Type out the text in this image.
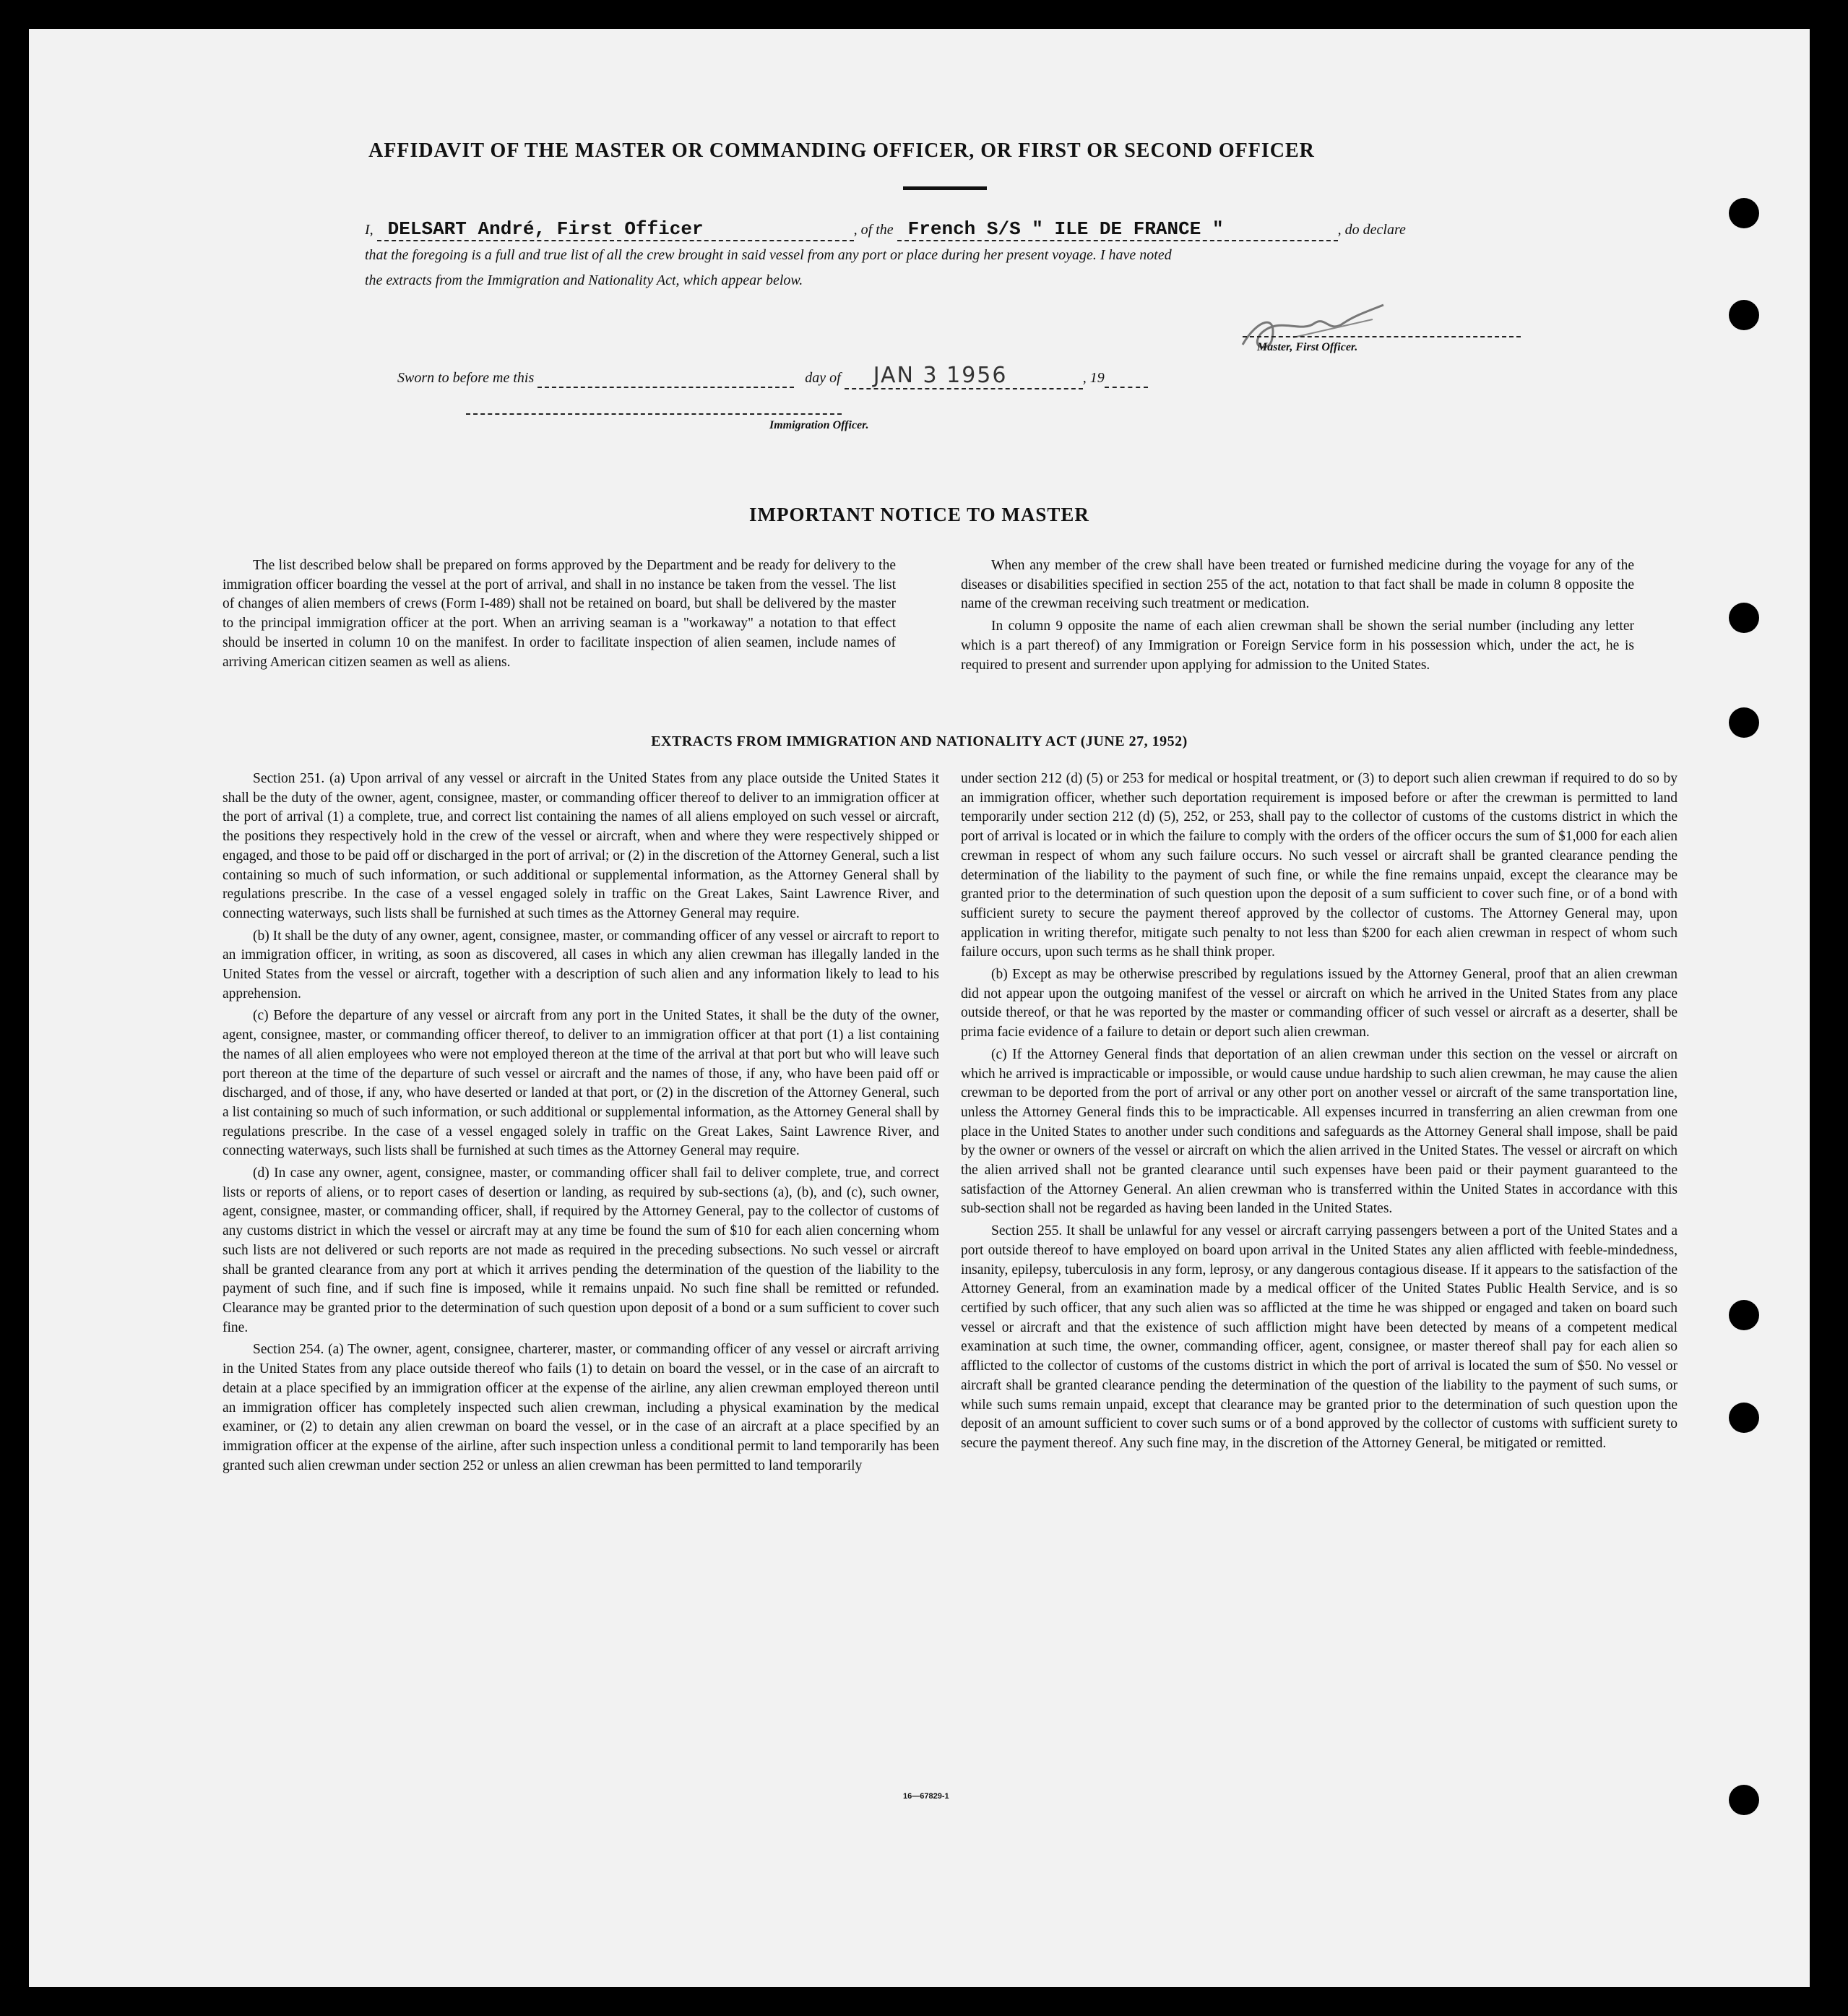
AFFIDAVIT OF THE MASTER OR COMMANDING OFFICER, OR FIRST OR SECOND OFFICER
I, DELSART André, First Officer	, of the French S/S " ILE DE FRANCE "	, do declare
that the foregoing is a full and true list of all the crew brought in said vessel from any port or place during her present voyage. I have noted
the extracts from the Immigration and Nationality Act, which appear below.
Master, First Officer.
Sworn to before me this	day of JAN 3 1956	, 19
Immigration Officer.
IMPORTANT NOTICE TO MASTER

The list described below shall be prepared on forms approved by the Department and be ready for delivery to the immigration officer boarding the vessel at the port of arrival, and shall in no instance be taken from the vessel. The list of changes of alien members of crews (Form I-489) shall not be retained on board, but shall be delivered by the master to the principal immigration officer at the port. When an arriving seaman is a "workaway" a notation to that effect should be inserted in column 10 on the manifest. In order to facilitate inspection of alien seamen, include names of arriving American citizen seamen as well as aliens.

When any member of the crew shall have been treated or furnished medicine during the voyage for any of the diseases or disabilities specified in section 255 of the act, notation to that fact shall be made in column 8 opposite the name of the crewman receiving such treatment or medication.

In column 9 opposite the name of each alien crewman shall be shown the serial number (including any letter which is a part thereof) of any Immigration or Foreign Service form in his possession which, under the act, he is required to present and surrender upon applying for admission to the United States.

EXTRACTS FROM IMMIGRATION AND NATIONALITY ACT (JUNE 27, 1952)

Section 251. (a) Upon arrival of any vessel or aircraft in the United States from any place outside the United States it shall be the duty of the owner, agent, consignee, master, or commanding officer thereof to deliver to an immigration officer at the port of arrival (1) a complete, true, and correct list containing the names of all aliens employed on such vessel or aircraft, the positions they respectively hold in the crew of the vessel or aircraft, when and where they were respectively shipped or engaged, and those to be paid off or discharged in the port of arrival; or (2) in the discretion of the Attorney General, such a list containing so much of such information, or such additional or supplemental information, as the Attorney General shall by regulations prescribe. In the case of a vessel engaged solely in traffic on the Great Lakes, Saint Lawrence River, and connecting waterways, such lists shall be furnished at such times as the Attorney General may require.

(b) It shall be the duty of any owner, agent, consignee, master, or commanding officer of any vessel or aircraft to report to an immigration officer, in writing, as soon as discovered, all cases in which any alien crewman has illegally landed in the United States from the vessel or aircraft, together with a description of such alien and any information likely to lead to his apprehension.

(c) Before the departure of any vessel or aircraft from any port in the United States, it shall be the duty of the owner, agent, consignee, master, or commanding officer thereof, to deliver to an immigration officer at that port (1) a list containing the names of all alien employees who were not employed thereon at the time of the arrival at that port but who will leave such port thereon at the time of the departure of such vessel or aircraft and the names of those, if any, who have been paid off or discharged, and of those, if any, who have deserted or landed at that port, or (2) in the discretion of the Attorney General, such a list containing so much of such information, or such additional or supplemental information, as the Attorney General shall by regulations prescribe. In the case of a vessel engaged solely in traffic on the Great Lakes, Saint Lawrence River, and connecting waterways, such lists shall be furnished at such times as the Attorney General may require.

(d) In case any owner, agent, consignee, master, or commanding officer shall fail to deliver complete, true, and correct lists or reports of aliens, or to report cases of desertion or landing, as required by sub-sections (a), (b), and (c), such owner, agent, consignee, master, or commanding officer, shall, if required by the Attorney General, pay to the collector of customs of any customs district in which the vessel or aircraft may at any time be found the sum of $10 for each alien concerning whom such lists are not delivered or such reports are not made as required in the preceding subsections. No such vessel or aircraft shall be granted clearance from any port at which it arrives pending the determination of the question of the liability to the payment of such fine, and if such fine is imposed, while it remains unpaid. No such fine shall be remitted or refunded. Clearance may be granted prior to the determination of such question upon deposit of a bond or a sum sufficient to cover such fine.

Section 254. (a) The owner, agent, consignee, charterer, master, or commanding officer of any vessel or aircraft arriving in the United States from any place outside thereof who fails (1) to detain on board the vessel, or in the case of an aircraft to detain at a place specified by an immigration officer at the expense of the airline, any alien crewman employed thereon until an immigration officer has completely inspected such alien crewman, including a physical examination by the medical examiner, or (2) to detain any alien crewman on board the vessel, or in the case of an aircraft at a place specified by an immigration officer at the expense of the airline, after such inspection unless a conditional permit to land temporarily has been granted such alien crewman under section 252 or unless an alien crewman has been permitted to land temporarily

under section 212 (d) (5) or 253 for medical or hospital treatment, or (3) to deport such alien crewman if required to do so by an immigration officer, whether such deportation requirement is imposed before or after the crewman is permitted to land temporarily under section 212 (d) (5), 252, or 253, shall pay to the collector of customs of the customs district in which the port of arrival is located or in which the failure to comply with the orders of the officer occurs the sum of $1,000 for each alien crewman in respect of whom any such failure occurs. No such vessel or aircraft shall be granted clearance pending the determination of the liability to the payment of such fine, or while the fine remains unpaid, except the clearance may be granted prior to the determination of such question upon the deposit of a sum sufficient to cover such fine, or of a bond with sufficient surety to secure the payment thereof approved by the collector of customs. The Attorney General may, upon application in writing therefor, mitigate such penalty to not less than $200 for each alien crewman in respect of whom such failure occurs, upon such terms as he shall think proper.

(b) Except as may be otherwise prescribed by regulations issued by the Attorney General, proof that an alien crewman did not appear upon the outgoing manifest of the vessel or aircraft on which he arrived in the United States from any place outside thereof, or that he was reported by the master or commanding officer of such vessel or aircraft as a deserter, shall be prima facie evidence of a failure to detain or deport such alien crewman.

(c) If the Attorney General finds that deportation of an alien crewman under this section on the vessel or aircraft on which he arrived is impracticable or impossible, or would cause undue hardship to such alien crewman, he may cause the alien crewman to be deported from the port of arrival or any other port on another vessel or aircraft of the same transportation line, unless the Attorney General finds this to be impracticable. All expenses incurred in transferring an alien crewman from one place in the United States to another under such conditions and safeguards as the Attorney General shall impose, shall be paid by the owner or owners of the vessel or aircraft on which the alien arrived in the United States. The vessel or aircraft on which the alien arrived shall not be granted clearance until such expenses have been paid or their payment guaranteed to the satisfaction of the Attorney General. An alien crewman who is transferred within the United States in accordance with this sub-section shall not be regarded as having been landed in the United States.

Section 255. It shall be unlawful for any vessel or aircraft carrying passengers between a port of the United States and a port outside thereof to have employed on board upon arrival in the United States any alien afflicted with feeble-mindedness, insanity, epilepsy, tuberculosis in any form, leprosy, or any dangerous contagious disease. If it appears to the satisfaction of the Attorney General, from an examination made by a medical officer of the United States Public Health Service, and is so certified by such officer, that any such alien was so afflicted at the time he was shipped or engaged and taken on board such vessel or aircraft and that the existence of such affliction might have been detected by means of a competent medical examination at such time, the owner, commanding officer, agent, consignee, or master thereof shall pay for each alien so afflicted to the collector of customs of the customs district in which the port of arrival is located the sum of $50. No vessel or aircraft shall be granted clearance pending the determination of the question of the liability to the payment of such sums, or while such sums remain unpaid, except that clearance may be granted prior to the determination of such question upon the deposit of an amount sufficient to cover such sums or of a bond approved by the collector of customs with sufficient surety to secure the payment thereof. Any such fine may, in the discretion of the Attorney General, be mitigated or remitted.

16—67829-1
